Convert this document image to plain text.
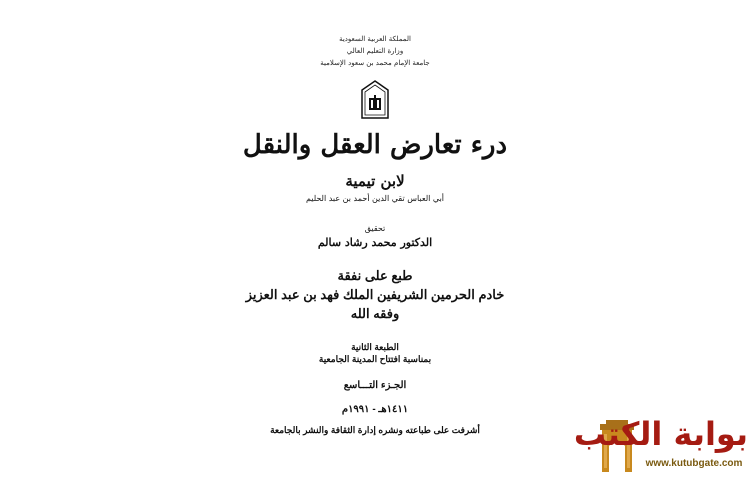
المملكة العربية السعودية
وزارة التعليم العالي
جامعة الإمام محمد بن سعود الإسلامية
درء تعارض العقل والنقل
لابن تيمية
أبي العباس تقي الدين أحمد بن عبد الحليم
تحقيق
الدكتور محمد رشاد سالم
طبع على نفقة
خادم الحرمين الشريفين الملك فهد بن عبد العزيز
وفقه الله
الطبعة الثانية
بمناسبة افتتاح المدينة الجامعية
الجـزء التـــاسع
١٤١١هـ - ١٩٩١م
أشرفت على طباعته ونشره إدارة الثقافة والنشر بالجامعة	بوابة الكتب
www.kutubgate.com
